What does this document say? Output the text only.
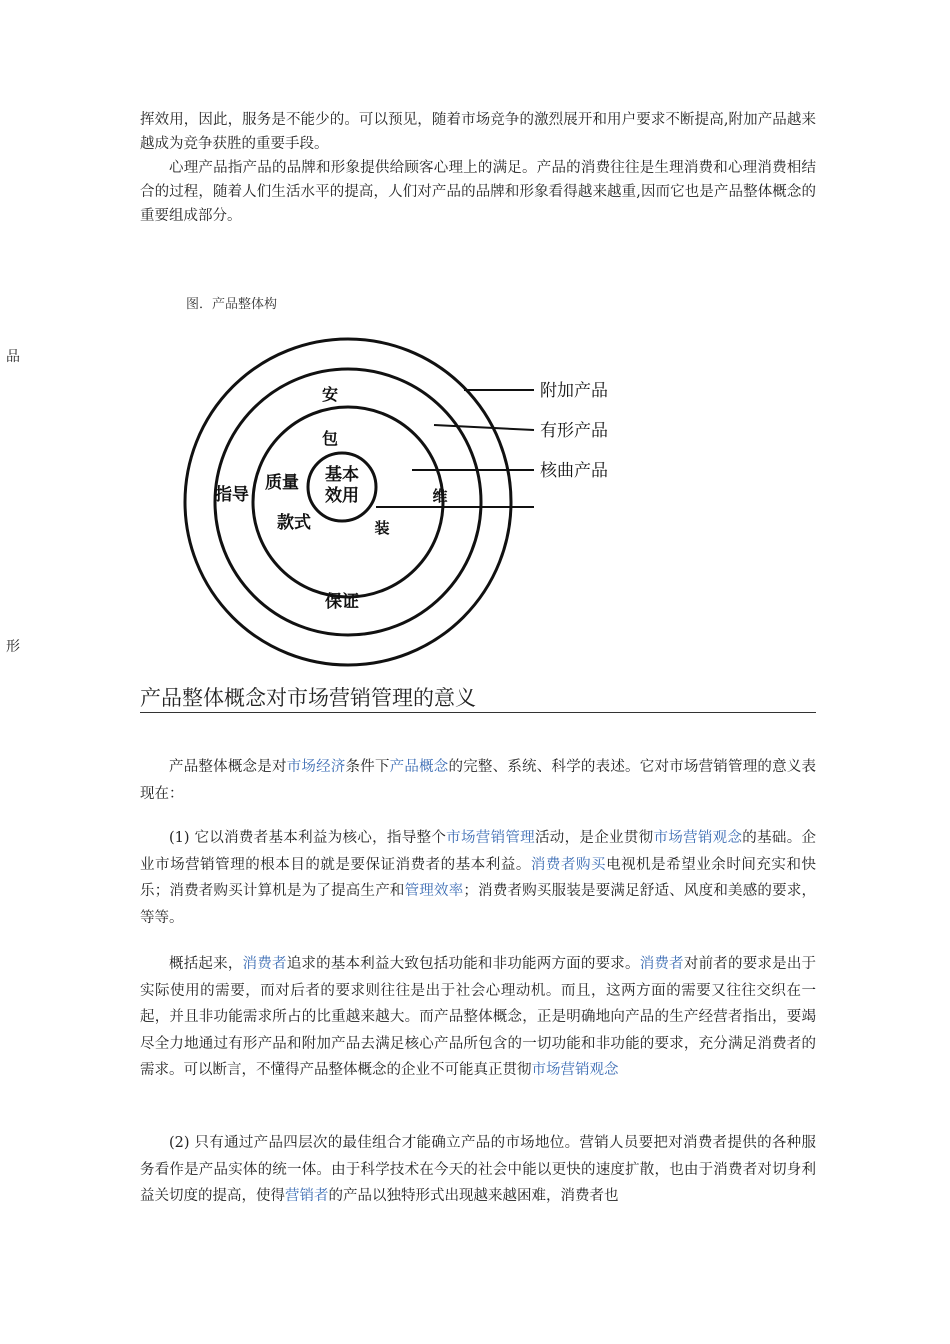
挥效用，因此，服务是不能少的。可以预见，随着市场竞争的激烈展开和用户要求不断提高,附加产品越来越成为竞争获胜的重要手段。

心理产品指产品的品牌和形象提供给顾客心理上的满足。产品的消费往往是生理消费和心理消费相结合的过程，随着人们生活水平的提高，人们对产品的品牌和形象看得越来越重,因而它也是产品整体概念的重要组成部分。

图．产品整体构
品
形
附加产品
有形产品
核曲产品
基本
效用
安
包
指导
质量
款式
维
装
保证
产品整体概念对市场营销管理的意义

产品整体概念是对市场经济条件下产品概念的完整、系统、科学的表述。它对市场营销管理的意义表现在：

(1) 它以消费者基本利益为核心，指导整个市场营销管理活动，是企业贯彻市场营销观念的基础。企业市场营销管理的根本目的就是要保证消费者的基本利益。消费者购买电视机是希望业余时间充实和快乐；消费者购买计算机是为了提高生产和管理效率；消费者购买服装是要满足舒适、风度和美感的要求，等等。

概括起来，消费者追求的基本利益大致包括功能和非功能两方面的要求。消费者对前者的要求是出于实际使用的需要，而对后者的要求则往往是出于社会心理动机。而且，这两方面的需要又往往交织在一起，并且非功能需求所占的比重越来越大。而产品整体概念，正是明确地向产品的生产经营者指出，要竭尽全力地通过有形产品和附加产品去满足核心产品所包含的一切功能和非功能的要求，充分满足消费者的需求。可以断言，不懂得产品整体概念的企业不可能真正贯彻市场营销观念

(2) 只有通过产品四层次的最佳组合才能确立产品的市场地位。营销人员要把对消费者提供的各种服务看作是产品实体的统一体。由于科学技术在今天的社会中能以更快的速度扩散，也由于消费者对切身利益关切度的提高，使得营销者的产品以独特形式出现越来越困难，消费者也
